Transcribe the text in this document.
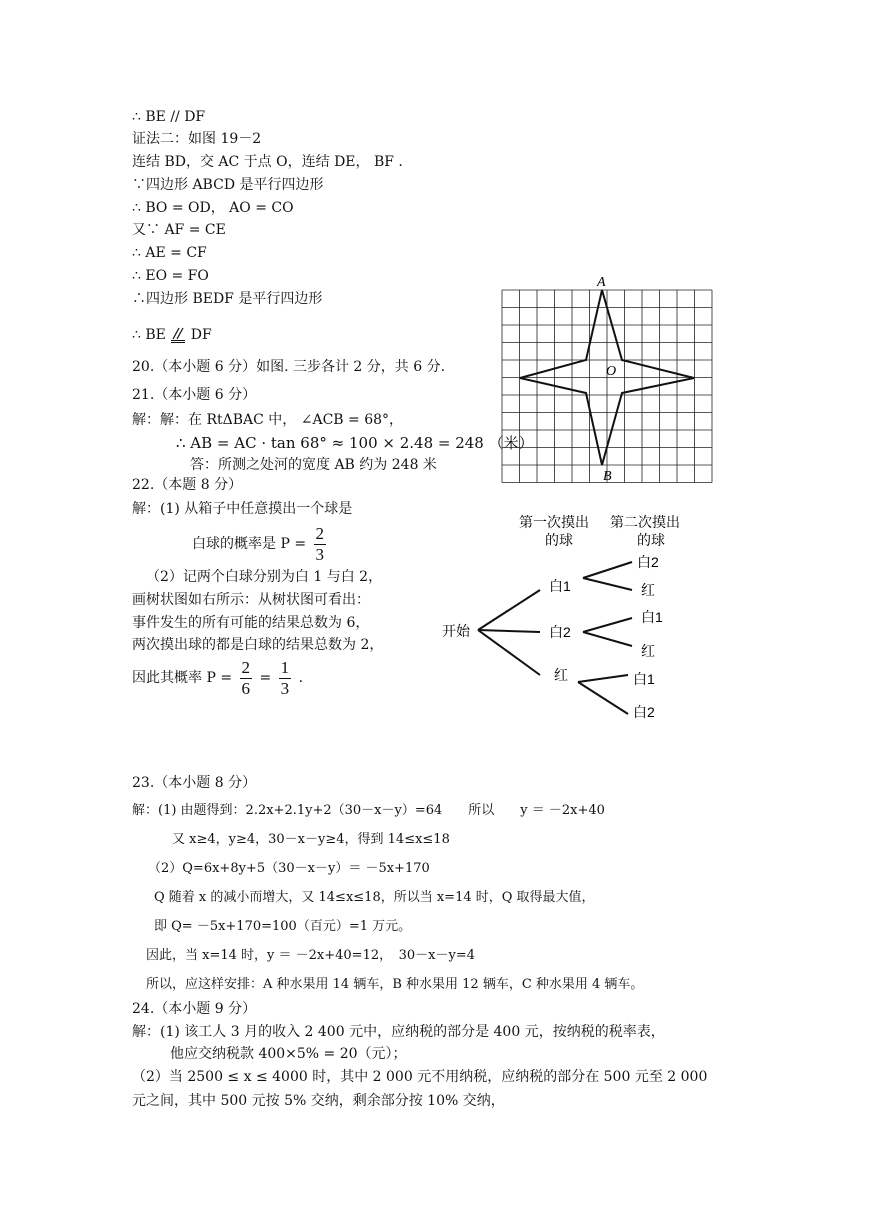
∴ BE // DF
证法二：如图 19－2
连结 BD，交 AC 于点 O，连结 DE， BF .
∵四边形 ABCD 是平行四边形
∴ BO = OD， AO = CO
又∵ AF = CE
∴ AE = CF
∴ EO = FO
∴四边形 BEDF 是平行四边形
∴ BE DF
20.（本小题 6 分）如图. 三步各计 2 分，共 6 分.
21.（本小题 6 分）
解：解：在 RtΔBAC 中， ∠ACB = 68°，
∴ AB = AC · tan 68° ≈ 100 × 2.48 = 248 （米）
答：所测之处河的宽度 AB 约为 248 米
22.（本题 8 分）
解：(1) 从箱子中任意摸出一个球是
白球的概率是 $P = \frac{2}{3}$
（2）记两个白球分别为白 1 与白 2，
画树状图如右所示：从树状图可看出：
事件发生的所有可能的结果总数为 6，
两次摸出球的都是白球的结果总数为 2，
因此其概率 $P = \frac{2}{6} = \frac{1}{3}$ .
23.（本小题 8 分）
解：(1) 由题得到：2.2x+2.1y+2（30－x－y）=64　　所以　　y ＝ －2x+40
又 x≥4，y≥4，30－x－y≥4，得到 14≤x≤18
（2）Q=6x+8y+5（30－x－y）＝ －5x+170
Q 随着 x 的减小而增大，又 14≤x≤18，所以当 x=14 时，Q 取得最大值，
即 Q= －5x+170=100（百元）=1 万元。
因此，当 x=14 时，y ＝ －2x+40=12，　30－x－y=4
所以，应这样安排：A 种水果用 14 辆车，B 种水果用 12 辆车，C 种水果用 4 辆车。
24.（本小题 9 分）
解：(1) 该工人 3 月的收入 2 400 元中，应纳税的部分是 400 元，按纳税的税率表，
他应交纳税款 400×5% = 20（元）；
（2）当 2500 ≤ x ≤ 4000 时，其中 2 000 元不用纳税，应纳税的部分在 500 元至 2 000
元之间，其中 500 元按 5% 交纳，剩余部分按 10% 交纳，
A
B
O
第一次摸出
的球
第二次摸出
的球
开始
白1
白2
红
白2
红
白1
红
白1
白2
